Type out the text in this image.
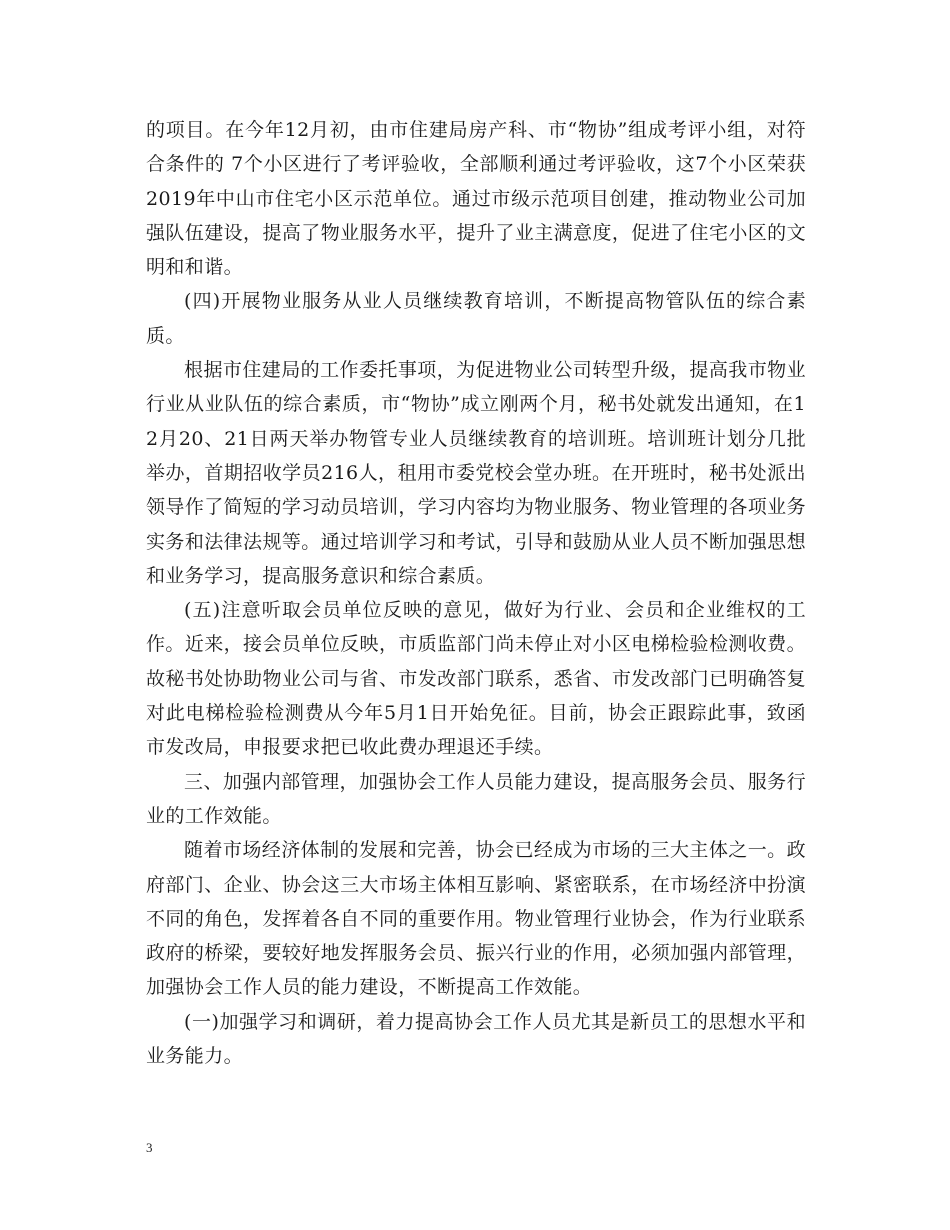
的项目。在今年12月初，由市住建局房产科、市“物协”组成考评小组，对符合条件的 7个小区进行了考评验收，全部顺利通过考评验收，这7个小区荣获2019年中山市住宅小区示范单位。通过市级示范项目创建，推动物业公司加强队伍建设，提高了物业服务水平，提升了业主满意度，促进了住宅小区的文明和和谐。

(四)开展物业服务从业人员继续教育培训，不断提高物管队伍的综合素质。

根据市住建局的工作委托事项，为促进物业公司转型升级，提高我市物业行业从业队伍的综合素质，市“物协”成立刚两个月，秘书处就发出通知，在12月20、21日两天举办物管专业人员继续教育的培训班。培训班计划分几批举办，首期招收学员216人，租用市委党校会堂办班。在开班时，秘书处派出领导作了简短的学习动员培训，学习内容均为物业服务、物业管理的各项业务实务和法律法规等。通过培训学习和考试，引导和鼓励从业人员不断加强思想和业务学习，提高服务意识和综合素质。

(五)注意听取会员单位反映的意见，做好为行业、会员和企业维权的工作。近来，接会员单位反映，市质监部门尚未停止对小区电梯检验检测收费。故秘书处协助物业公司与省、市发改部门联系，悉省、市发改部门已明确答复对此电梯检验检测费从今年5月1日开始免征。目前，协会正跟踪此事，致函市发改局，申报要求把已收此费办理退还手续。

三、加强内部管理，加强协会工作人员能力建设，提高服务会员、服务行业的工作效能。

随着市场经济体制的发展和完善，协会已经成为市场的三大主体之一。政府部门、企业、协会这三大市场主体相互影响、紧密联系，在市场经济中扮演不同的角色，发挥着各自不同的重要作用。物业管理行业协会，作为行业联系政府的桥梁，要较好地发挥服务会员、振兴行业的作用，必须加强内部管理，加强协会工作人员的能力建设，不断提高工作效能。

(一)加强学习和调研，着力提高协会工作人员尤其是新员工的思想水平和业务能力。

3
